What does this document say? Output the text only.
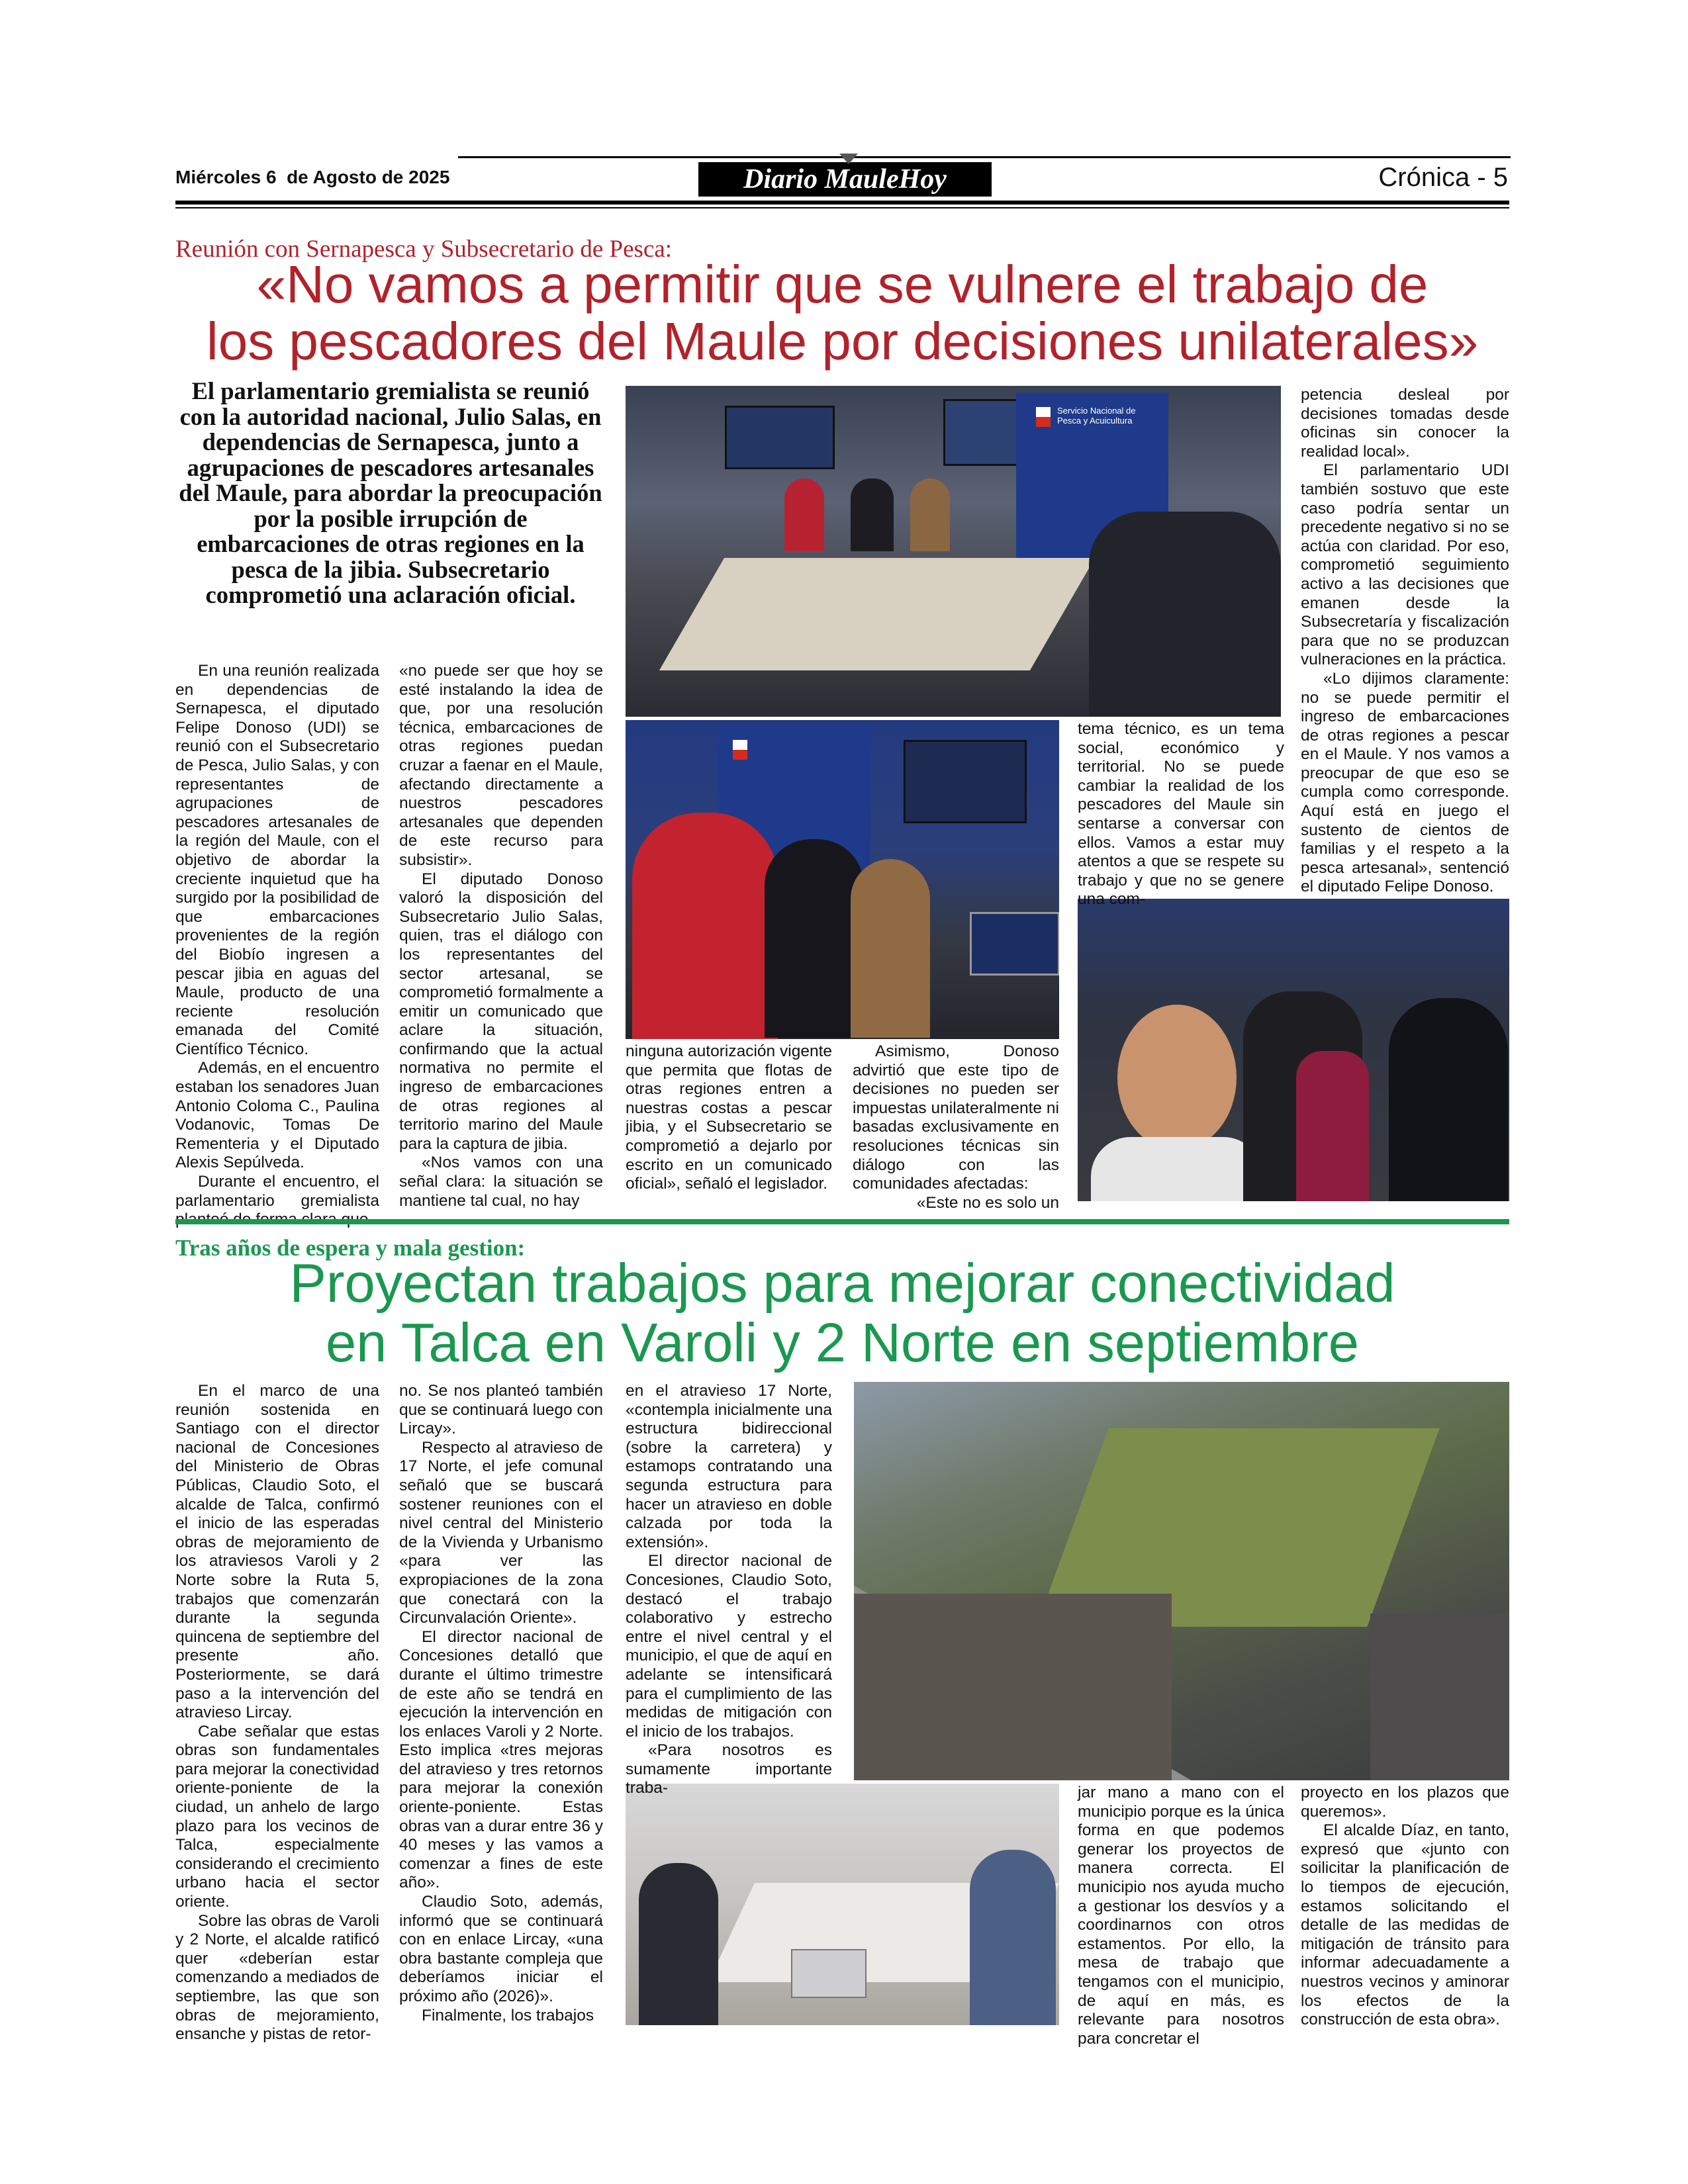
Miércoles 6  de Agosto de 2025	Diario MauleHoy	Crónica - 5
Reunión con Sernapesca y Subsecretario de Pesca:
«No vamos a permitir que se vulnere el trabajo de
los pescadores del Maule por decisiones unilaterales»
El parlamentario gremialista se reunió con la autoridad nacional, Julio Salas, en dependencias de Sernapesca, junto a agrupaciones de pescadores artesanales del Maule, para abordar la preocupación por la posible irrupción de embarcaciones de otras regiones en la pesca de la jibia. Subsecretario comprometió una aclaración oficial.
Servicio Nacional de Pesca y Acuicultura

En una reunión realizada en dependencias de Sernapesca, el diputado Felipe Donoso (UDI) se reunió con el Subsecretario de Pesca, Julio Salas, y con representantes de agrupaciones de pescadores artesanales de la región del Maule, con el objetivo de abordar la creciente inquietud que ha surgido por la posibilidad de que embarcaciones provenientes de la región del Biobío ingresen a pescar jibia en aguas del Maule, producto de una reciente resolución emanada del Comité Científico Técnico.

Además, en el encuentro estaban los senadores Juan Antonio Coloma C., Paulina Vodanovic, Tomas De Rementeria y el Diputado Alexis Sepúlveda.

Durante el encuentro, el parlamentario gremialista

«no puede ser que hoy se esté instalando la idea de que, por una resolución técnica, embarcaciones de otras regiones puedan cruzar a faenar en el Maule, afectando directamente a nuestros pescadores artesanales que dependen de este recurso para subsistir».

El diputado Donoso valoró la disposición del Subsecretario Julio Salas, quien, tras el diálogo con los representantes del sector artesanal, se comprometió formalmente a emitir un comunicado que aclare la situación, confirmando que la actual normativa no permite el ingreso de embarcaciones de otras regiones al territorio marino del Maule para la captura de jibia.

«Nos vamos con una señal clara: la situación se mantiene tal cual, no hay

ninguna autorización vigente que permita que flotas de otras regiones entren a nuestras costas a pescar jibia, y el Subsecretario se comprometió a dejarlo por escrito en un comunicado oficial», señaló el legislador.

Asimismo, Donoso advirtió que este tipo de decisiones no pueden ser impuestas unilateralmente ni basadas exclusivamente en resoluciones técnicas sin diálogo con las comunidades afectadas:

«Este no es solo un

tema técnico, es un tema social, económico y territorial. No se puede cambiar la realidad de los pescadores del Maule sin sentarse a conversar con ellos. Vamos a estar muy atentos a que se respete su trabajo y que no se genere una com-

petencia desleal por decisiones tomadas desde oficinas sin conocer la realidad local».

El parlamentario UDI también sostuvo que este caso podría sentar un precedente negativo si no se actúa con claridad. Por eso, comprometió seguimiento activo a las decisiones que emanen desde la Subsecretaría y fiscalización para que no se produzcan vulneraciones en la práctica.

«Lo dijimos claramente: no se puede permitir el ingreso de embarcaciones de otras regiones a pescar en el Maule. Y nos vamos a preocupar de que eso se cumpla como corresponde. Aquí está en juego el sustento de cientos de familias y el respeto a la pesca artesanal», sentenció el diputado Felipe Donoso.

Tras años de espera y mala gestion:
Proyectan trabajos para mejorar conectividad
en Talca en Varoli y 2 Norte en septiembre

En el marco de una reunión sostenida en Santiago con el director nacional de Concesiones del Ministerio de Obras Públicas, Claudio Soto, el alcalde de Talca, confirmó el inicio de las esperadas obras de mejoramiento de los atraviesos Varoli y 2 Norte sobre la Ruta 5, trabajos que comenzarán durante la segunda quincena de septiembre del presente año. Posteriormente, se dará paso a la intervención del atravieso Lircay.

Cabe señalar que estas obras son fundamentales para mejorar la conectividad oriente-poniente de la ciudad, un anhelo de largo plazo para los vecinos de Talca, especialmente considerando el crecimiento urbano hacia el sector oriente.

Sobre las obras de Varoli y 2 Norte, el alcalde ratificó quer «deberían estar comenzando a mediados de septiembre, las que son obras de mejoramiento, ensanche y pistas de retor-

no. Se nos planteó también que se continuará luego con Lircay».

Respecto al atravieso de 17 Norte, el jefe comunal señaló que se buscará sostener reuniones con el nivel central del Ministerio de la Vivienda y Urbanismo «para ver las expropiaciones de la zona que conectará con la Circunvalación Oriente».

El director nacional de Concesiones detalló que durante el último trimestre de este año se tendrá en ejecución la intervención en los enlaces Varoli y 2 Norte. Esto implica «tres mejoras del atravieso y tres retornos para mejorar la conexión oriente-poniente. Estas obras van a durar entre 36 y 40 meses y las vamos a comenzar a fines de este año».

Claudio Soto, además, informó que se continuará con en enlace Lircay, «una obra bastante compleja que deberíamos iniciar el próximo año (2026)».

Finalmente, los trabajos

en el atravieso 17 Norte, «contempla inicialmente una estructura bidireccional (sobre la carretera) y estamops contratando una segunda estructura para hacer un atravieso en doble calzada por toda la extensión».

El director nacional de Concesiones, Claudio Soto, destacó el trabajo colaborativo y estrecho entre el nivel central y el municipio, el que de aquí en adelante se intensificará para el cumplimiento de las medidas de mitigación con el inicio de los trabajos.

«Para nosotros es sumamente importante traba-	jar mano a mano con el municipio porque es la única forma en que podemos generar los proyectos de manera correcta. El municipio nos ayuda mucho a gestionar los desvíos y a coordinarnos con otros estamentos. Por ello, la mesa de trabajo que tengamos con el municipio, de aquí en más, es relevante para nosotros para concretar el

proyecto en los plazos que queremos».

El alcalde Díaz, en tanto, expresó que «junto con soilicitar la planificación de lo tiempos de ejecución, estamos solicitando el detalle de las medidas de mitigación de tránsito para informar adecuadamente a nuestros vecinos y aminorar los efectos de la construcción de esta obra».
